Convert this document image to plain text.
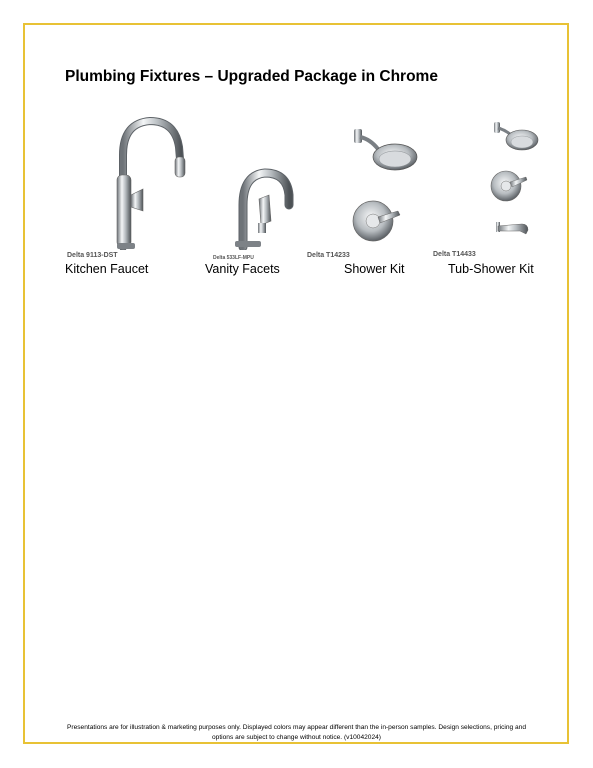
Plumbing Fixtures – Upgraded Package in Chrome
Delta 9113-DST	Delta 533LF-MPU	Delta T14233	Delta T14433
Kitchen Faucet	Vanity Facets	Shower Kit	Tub-Shower Kit
Presentations are for illustration & marketing purposes only. Displayed colors may appear different than the in-person samples. Design selections, pricing and
options are subject to change without notice. (v10042024)
